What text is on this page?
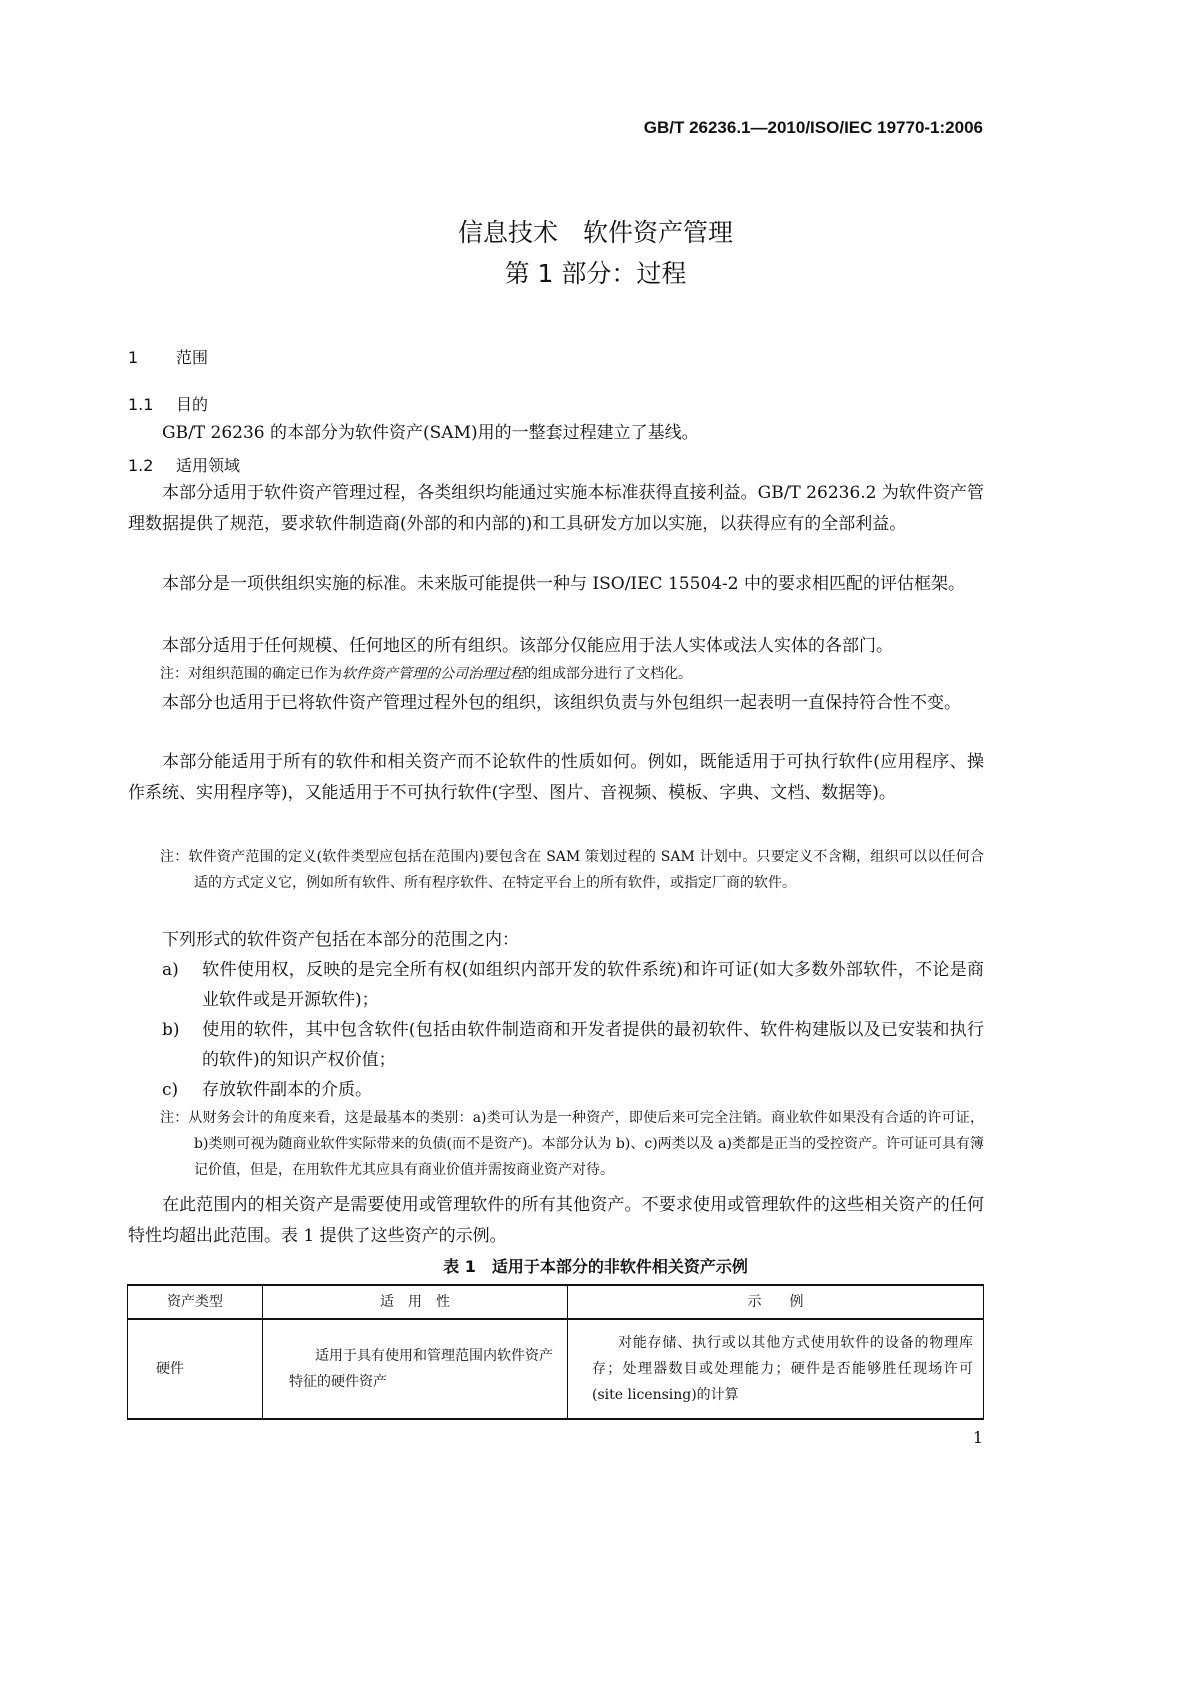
GB/T 26236.1—2010/ISO/IEC 19770-1:2006
信息技术　软件资产管理
第 1 部分：过程
1 范围
1.1 目的
GB/T 26236 的本部分为软件资产(SAM)用的一整套过程建立了基线。
1.2 适用领域
本部分适用于软件资产管理过程，各类组织均能通过实施本标准获得直接利益。GB/T 26236.2 为软件资产管理数据提供了规范，要求软件制造商(外部的和内部的)和工具研发方加以实施，以获得应有的全部利益。
本部分是一项供组织实施的标准。未来版可能提供一种与 ISO/IEC 15504-2 中的要求相匹配的评估框架。
本部分适用于任何规模、任何地区的所有组织。该部分仅能应用于法人实体或法人实体的各部门。
注：对组织范围的确定已作为软件资产管理的公司治理过程的组成部分进行了文档化。
本部分也适用于已将软件资产管理过程外包的组织，该组织负责与外包组织一起表明一直保持符合性不变。
本部分能适用于所有的软件和相关资产而不论软件的性质如何。例如，既能适用于可执行软件(应用程序、操作系统、实用程序等)，又能适用于不可执行软件(字型、图片、音视频、模板、字典、文档、数据等)。
注：软件资产范围的定义(软件类型应包括在范围内)要包含在 SAM 策划过程的 SAM 计划中。只要定义不含糊，组织可以以任何合适的方式定义它，例如所有软件、所有程序软件、在特定平台上的所有软件，或指定厂商的软件。
下列形式的软件资产包括在本部分的范围之内：
a) 软件使用权，反映的是完全所有权(如组织内部开发的软件系统)和许可证(如大多数外部软件，不论是商业软件或是开源软件)；
b) 使用的软件，其中包含软件(包括由软件制造商和开发者提供的最初软件、软件构建版以及已安装和执行的软件)的知识产权价值；
c) 存放软件副本的介质。
注：从财务会计的角度来看，这是最基本的类别：a)类可认为是一种资产，即使后来可完全注销。商业软件如果没有合适的许可证，b)类则可视为随商业软件实际带来的负债(而不是资产)。本部分认为 b)、c)两类以及 a)类都是正当的受控资产。许可证可具有簿记价值，但是，在用软件尤其应具有商业价值并需按商业资产对待。
在此范围内的相关资产是需要使用或管理软件的所有其他资产。不要求使用或管理软件的这些相关资产的任何特性均超出此范围。表 1 提供了这些资产的示例。
表 1　适用于本部分的非软件相关资产示例
资产类型	适　用　性	示　　例
硬件	适用于具有使用和管理范围内软件资产特征的硬件资产	对能存储、执行或以其他方式使用软件的设备的物理库存；处理器数目或处理能力；硬件是否能够胜任现场许可(site licensing)的计算
1
